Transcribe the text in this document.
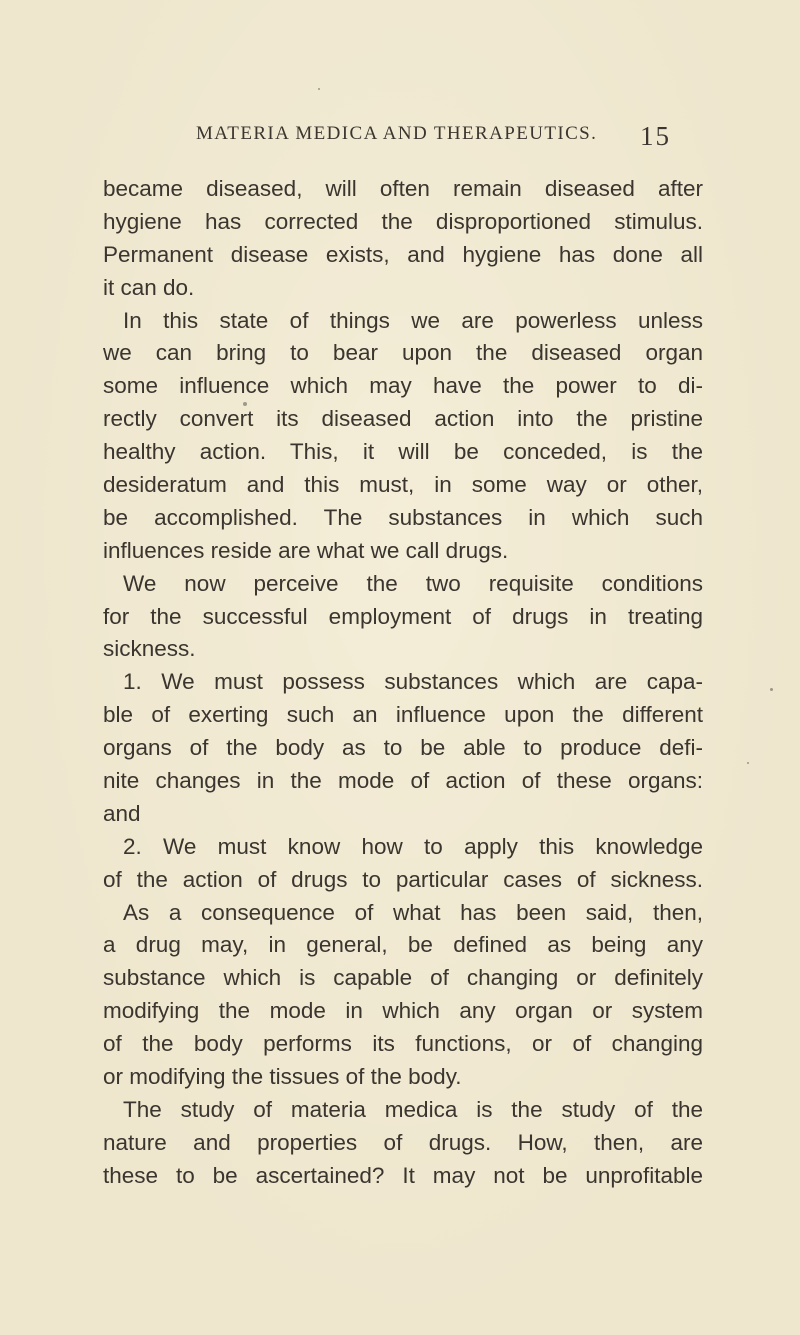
MATERIA MEDICA AND THERAPEUTICS. 15
became diseased, will often remain diseased after
hygiene has corrected the disproportioned stimulus.
Permanent disease exists, and hygiene has done all
it can do.
In this state of things we are powerless unless
we can bring to bear upon the diseased organ
some influence which may have the power to di-
rectly convert its diseased action into the pristine
healthy action. This, it will be conceded, is the
desideratum and this must, in some way or other,
be accomplished. The substances in which such
influences reside are what we call drugs.
We now perceive the two requisite conditions
for the successful employment of drugs in treating
sickness.
1. We must possess substances which are capa-
ble of exerting such an influence upon the different
organs of the body as to be able to produce defi-
nite changes in the mode of action of these organs:
and
2. We must know how to apply this knowledge
of the action of drugs to particular cases of sickness.
As a consequence of what has been said, then,
a drug may, in general, be defined as being any
substance which is capable of changing or definitely
modifying the mode in which any organ or system
of the body performs its functions, or of changing
or modifying the tissues of the body.
The study of materia medica is the study of the
nature and properties of drugs. How, then, are
these to be ascertained? It may not be unprofitable
